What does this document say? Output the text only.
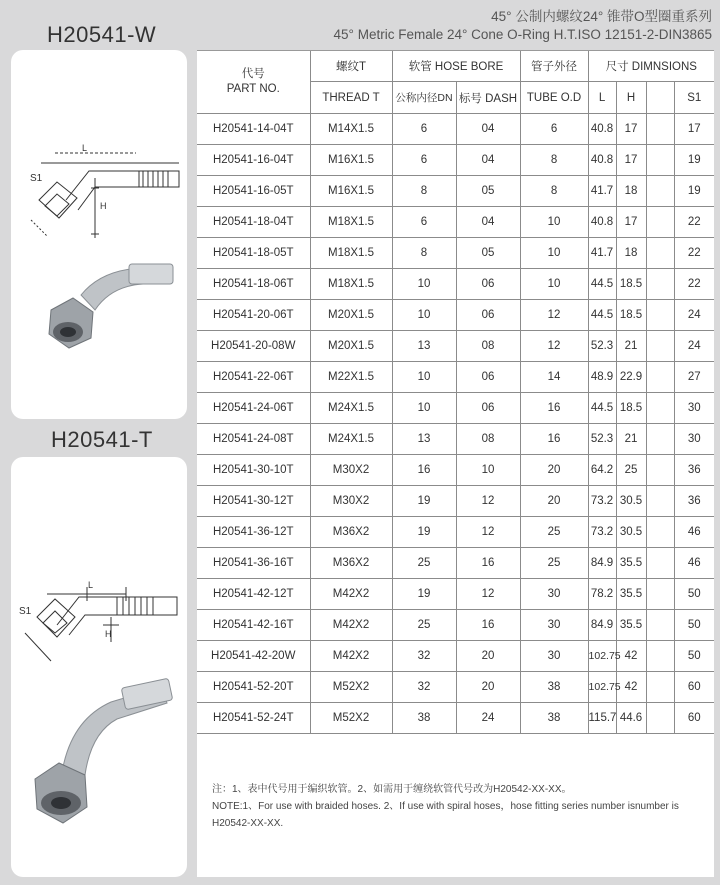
45° 公制内螺纹24° 锥带O型圈重系列
45° Metric Female 24° Cone O-Ring H.T.ISO 12151-2-DIN3865
H20541-W
H20541-T
S1
L
H
S1
L
H
代号
PART NO.	螺纹T	软管 HOSE BORE		管子外径	尺寸 DIMNSIONS			
	THREAD T	公称内径DN	标号 DASH	TUBE O.D	L	H		S1
H20541-14-04T	M14X1.5	6	04	6	40.8	17		17
H20541-16-04T	M16X1.5	6	04	8	40.8	17		19
H20541-16-05T	M16X1.5	8	05	8	41.7	18		19
H20541-18-04T	M18X1.5	6	04	10	40.8	17		22
H20541-18-05T	M18X1.5	8	05	10	41.7	18		22
H20541-18-06T	M18X1.5	10	06	10	44.5	18.5		22
H20541-20-06T	M20X1.5	10	06	12	44.5	18.5		24
H20541-20-08W	M20X1.5	13	08	12	52.3	21		24
H20541-22-06T	M22X1.5	10	06	14	48.9	22.9		27
H20541-24-06T	M24X1.5	10	06	16	44.5	18.5		30
H20541-24-08T	M24X1.5	13	08	16	52.3	21		30
H20541-30-10T	M30X2	16	10	20	64.2	25		36
H20541-30-12T	M30X2	19	12	20	73.2	30.5		36
H20541-36-12T	M36X2	19	12	25	73.2	30.5		46
H20541-36-16T	M36X2	25	16	25	84.9	35.5		46
H20541-42-12T	M42X2	19	12	30	78.2	35.5		50
H20541-42-16T	M42X2	25	16	30	84.9	35.5		50
H20541-42-20W	M42X2	32	20	30	102.75	42		50
H20541-52-20T	M52X2	32	20	38	102.75	42		60
H20541-52-24T	M52X2	38	24	38	115.7	44.6		60
注：1、表中代号用于编织软管。2、如需用于缠绕软管代号改为H20542-XX-XX。
NOTE:1、For use with braided hoses. 2、If use with spiral hoses，hose fitting series number isnumber is
H20542-XX-XX.
